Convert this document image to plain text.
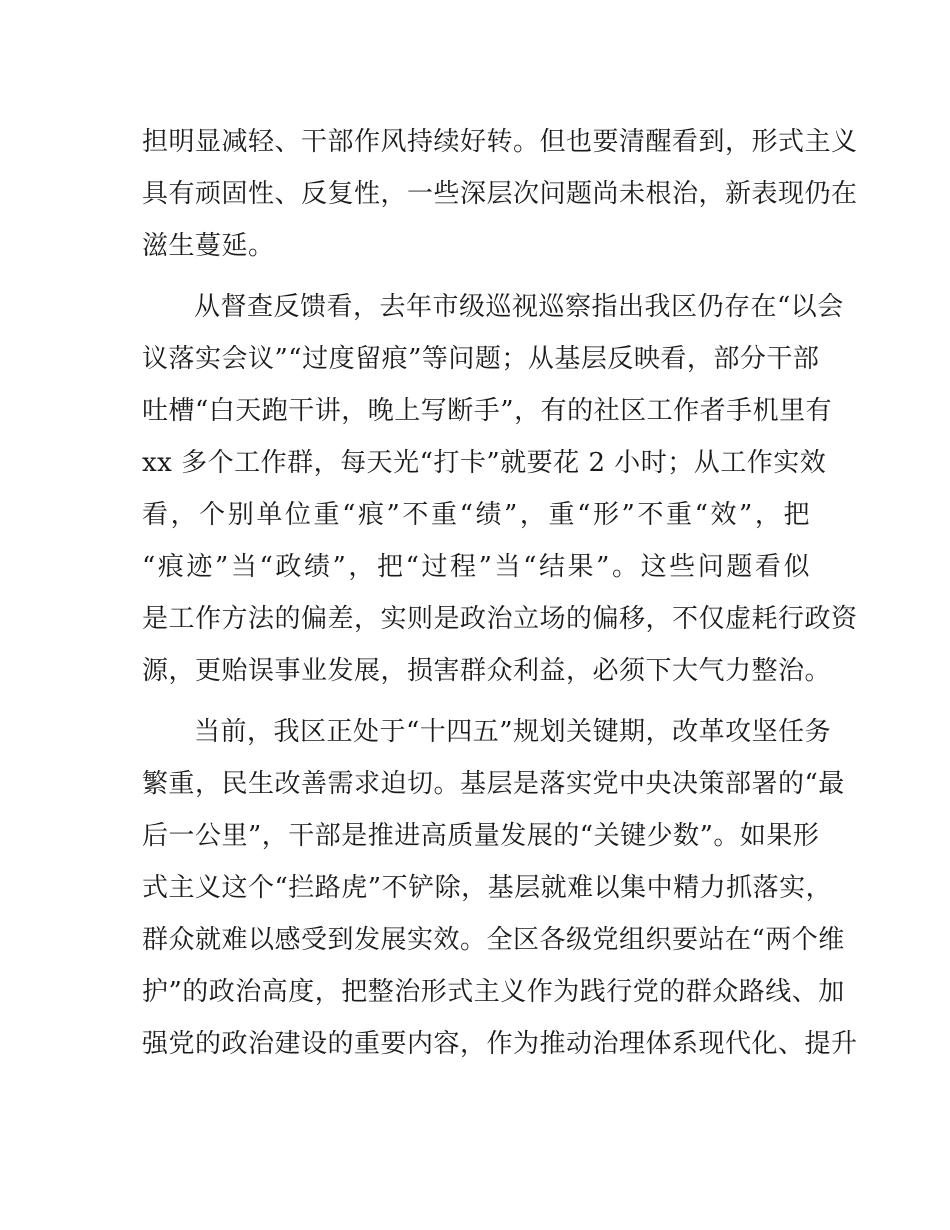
担明显减轻、干部作风持续好转。但也要清醒看到，形式主义
具有顽固性、反复性，一些深层次问题尚未根治，新表现仍在
滋生蔓延。
从督查反馈看，去年市级巡视巡察指出我区仍存在“以会
议落实会议”“过度留痕”等问题；从基层反映看，部分干部
吐槽“白天跑干讲，晚上写断手”，有的社区工作者手机里有
xx 多个工作群，每天光“打卡”就要花 2 小时；从工作实效
看，个别单位重“痕”不重“绩”，重“形”不重“效”，把
“痕迹”当“政绩”，把“过程”当“结果”。这些问题看似
是工作方法的偏差，实则是政治立场的偏移，不仅虚耗行政资
源，更贻误事业发展，损害群众利益，必须下大气力整治。
当前，我区正处于“十四五”规划关键期，改革攻坚任务
繁重，民生改善需求迫切。基层是落实党中央决策部署的“最
后一公里”，干部是推进高质量发展的“关键少数”。如果形
式主义这个“拦路虎”不铲除，基层就难以集中精力抓落实，
群众就难以感受到发展实效。全区各级党组织要站在“两个维
护”的政治高度，把整治形式主义作为践行党的群众路线、加
强党的政治建设的重要内容，作为推动治理体系现代化、提升
